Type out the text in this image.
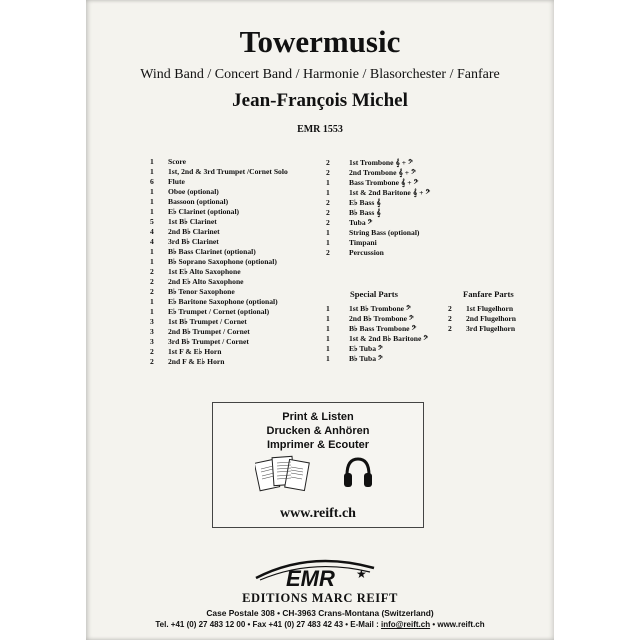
Towermusic
Wind Band / Concert Band / Harmonie / Blasorchester / Fanfare
Jean-François Michel
EMR 1553
1	Score
1	1st, 2nd & 3rd Trumpet /Cornet Solo
6	Flute
1	Oboe (optional)
1	Bassoon (optional)
1	E♭ Clarinet (optional)
5	1st B♭ Clarinet
4	2nd B♭ Clarinet
4	3rd B♭ Clarinet
1	B♭ Bass Clarinet (optional)
1	B♭ Soprano Saxophone (optional)
2	1st E♭ Alto Saxophone
2	2nd E♭ Alto Saxophone
2	B♭ Tenor Saxophone
1	E♭ Baritone Saxophone (optional)
1	E♭ Trumpet / Cornet (optional)
3	1st B♭ Trumpet / Cornet
3	2nd B♭ Trumpet / Cornet
3	3rd B♭ Trumpet / Cornet
2	1st F & E♭ Horn
2	2nd F & E♭ Horn
2	1st Trombone 𝄞 + 𝄢
2	2nd Trombone 𝄞 + 𝄢
1	Bass Trombone 𝄞 + 𝄢
1	1st & 2nd Baritone 𝄞 + 𝄢
2	E♭ Bass 𝄞
2	B♭ Bass 𝄞
2	Tuba 𝄢
1	String Bass (optional)
1	Timpani
2	Percussion
Special Parts
1	1st B♭ Trombone 𝄢
1	2nd B♭ Trombone 𝄢
1	B♭ Bass Trombone 𝄢
1	1st & 2nd B♭ Baritone 𝄢
1	E♭ Tuba 𝄢
1	B♭ Tuba 𝄢
Fanfare Parts
2	1st Flugelhorn
2	2nd Flugelhorn
2	3rd Flugelhorn
Print & Listen
Drucken & Anhören
Imprimer & Ecouter
www.reift.ch
EMR ★
EDITIONS MARC REIFT
Case Postale 308 • CH-3963 Crans-Montana (Switzerland)
Tel. +41 (0) 27 483 12 00 • Fax +41 (0) 27 483 42 43 • E-Mail : info@reift.ch • www.reift.ch
